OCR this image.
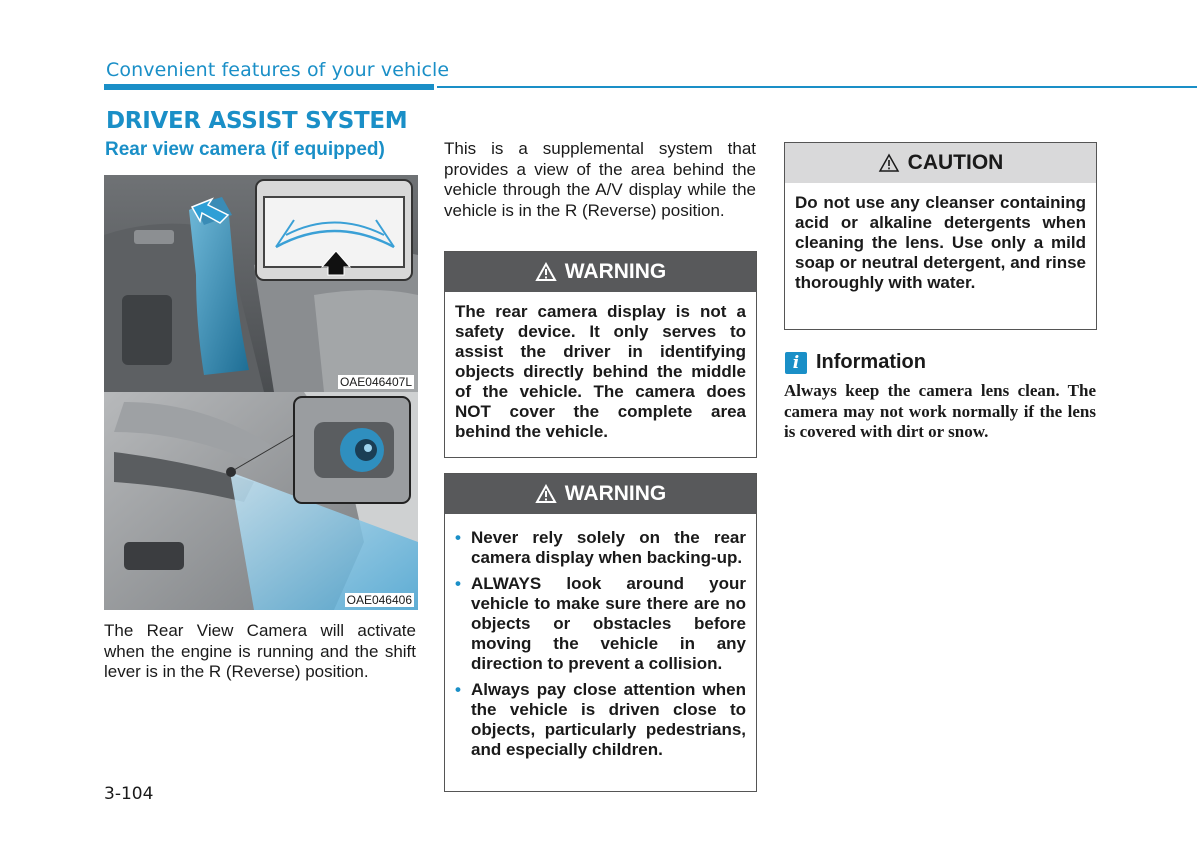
Convenient features of your vehicle
DRIVER ASSIST SYSTEM
Rear view camera (if equipped)
OAE046407L
OAE046406
The Rear View Camera will activate when the engine is running and the shift lever is in the R (Reverse) position.
This is a supplemental system that provides a view of the area behind the vehicle through the A/V display while the vehicle is in the R (Reverse) position.
WARNING
The rear camera display is not a safety device. It only serves to assist the driver in identifying objects directly behind the middle of the vehicle. The camera does NOT cover the complete area behind the vehicle.
WARNING
• Never rely solely on the rear camera display when backing-up.
• ALWAYS look around your vehicle to make sure there are no objects or obstacles before moving the vehicle in any direction to prevent a collision.
• Always pay close attention when the vehicle is driven close to objects, particularly pedestrians, and especially children.
CAUTION
Do not use any cleanser containing acid or alkaline detergents when cleaning the lens. Use only a mild soap or neutral detergent, and rinse thoroughly with water.
i Information
Always keep the camera lens clean. The camera may not work normally if the lens is covered with dirt or snow.
3-104
